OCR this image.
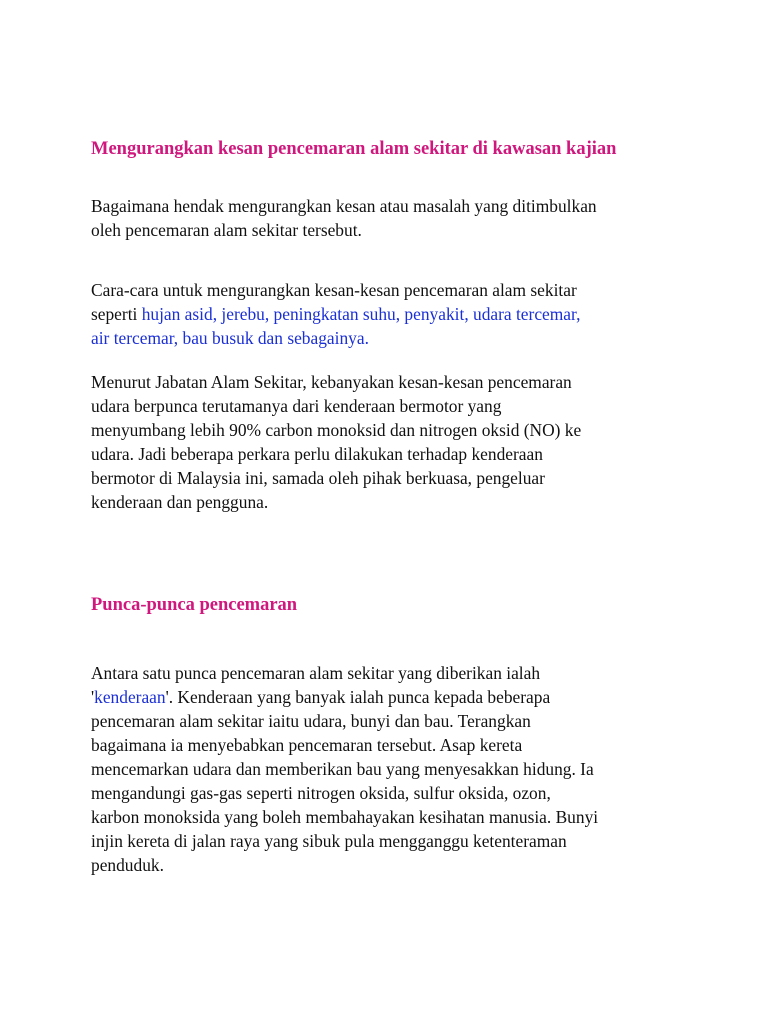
Mengurangkan kesan pencemaran alam sekitar di kawasan kajian

Bagaimana hendak mengurangkan kesan atau masalah yang ditimbulkan
oleh pencemaran alam sekitar tersebut.

Cara-cara untuk mengurangkan kesan-kesan pencemaran alam sekitar
seperti hujan asid, jerebu, peningkatan suhu, penyakit, udara tercemar,
air tercemar, bau busuk dan sebagainya.

Menurut Jabatan Alam Sekitar, kebanyakan kesan-kesan pencemaran
udara berpunca terutamanya dari kenderaan bermotor yang
menyumbang lebih 90% carbon monoksid dan nitrogen oksid (NO) ke
udara. Jadi beberapa perkara perlu dilakukan terhadap kenderaan
bermotor di Malaysia ini, samada oleh pihak berkuasa, pengeluar
kenderaan dan pengguna.

Punca-punca pencemaran

Antara satu punca pencemaran alam sekitar yang diberikan ialah
'kenderaan'. Kenderaan yang banyak ialah punca kepada beberapa
pencemaran alam sekitar iaitu udara, bunyi dan bau. Terangkan
bagaimana ia menyebabkan pencemaran tersebut. Asap kereta
mencemarkan udara dan memberikan bau yang menyesakkan hidung. Ia
mengandungi gas-gas seperti nitrogen oksida, sulfur oksida, ozon,
karbon monoksida yang boleh membahayakan kesihatan manusia. Bunyi
injin kereta di jalan raya yang sibuk pula mengganggu ketenteraman
penduduk.
